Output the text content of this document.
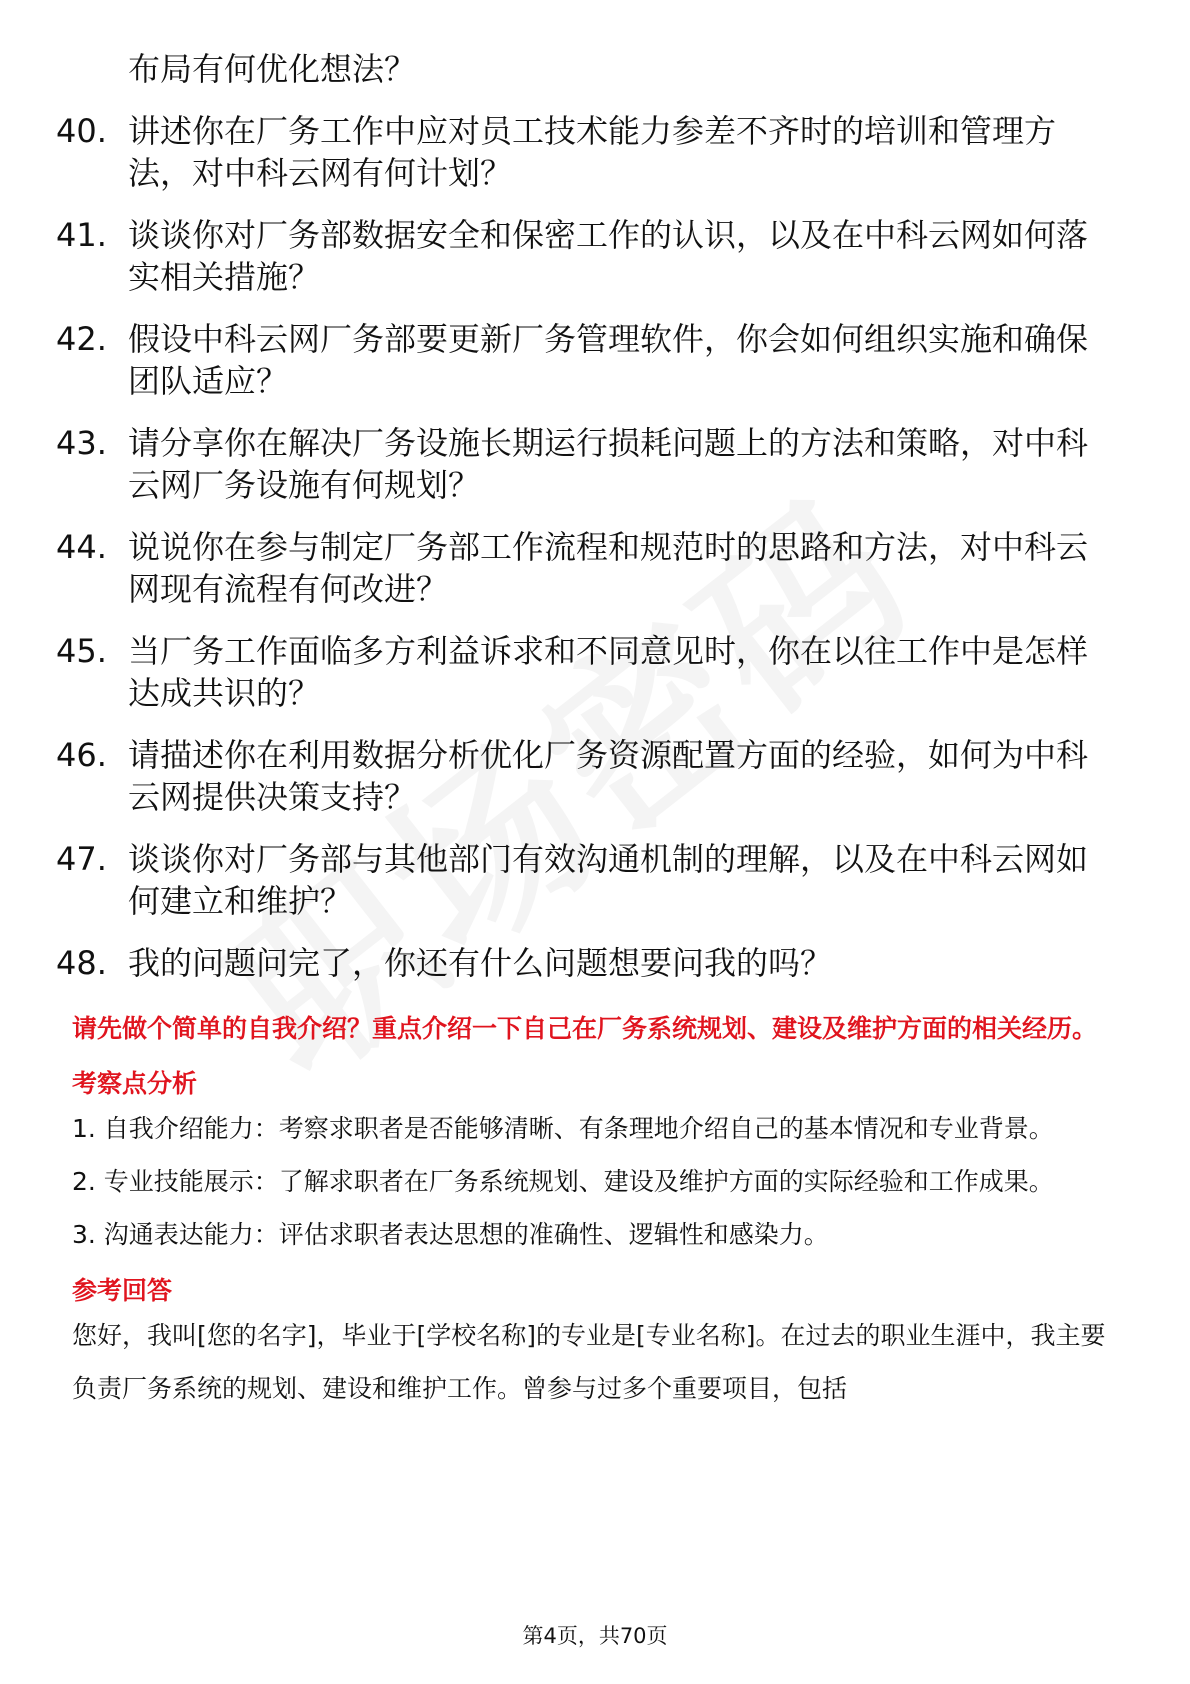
布局有何优化想法？
40. 讲述你在厂务工作中应对员工技术能力参差不齐时的培训和管理方法，对中科云网有何计划？
41. 谈谈你对厂务部数据安全和保密工作的认识，以及在中科云网如何落实相关措施？
42. 假设中科云网厂务部要更新厂务管理软件，你会如何组织实施和确保团队适应？
43. 请分享你在解决厂务设施长期运行损耗问题上的方法和策略，对中科云网厂务设施有何规划？
44. 说说你在参与制定厂务部工作流程和规范时的思路和方法，对中科云网现有流程有何改进？
45. 当厂务工作面临多方利益诉求和不同意见时，你在以往工作中是怎样达成共识的？
46. 请描述你在利用数据分析优化厂务资源配置方面的经验，如何为中科云网提供决策支持？
47. 谈谈你对厂务部与其他部门有效沟通机制的理解，以及在中科云网如何建立和维护？
48. 我的问题问完了，你还有什么问题想要问我的吗？
请先做个简单的自我介绍？重点介绍一下自己在厂务系统规划、建设及维护方面的相关经历。
考察点分析
1. 自我介绍能力：考察求职者是否能够清晰、有条理地介绍自己的基本情况和专业背景。
2. 专业技能展示：了解求职者在厂务系统规划、建设及维护方面的实际经验和工作成果。
3. 沟通表达能力：评估求职者表达思想的准确性、逻辑性和感染力。
参考回答
您好，我叫[您的名字]，毕业于[学校名称]的专业是[专业名称]。在过去的职业生涯中，我主要负责厂务系统的规划、建设和维护工作。曾参与过多个重要项目，包括
第4页，共70页
